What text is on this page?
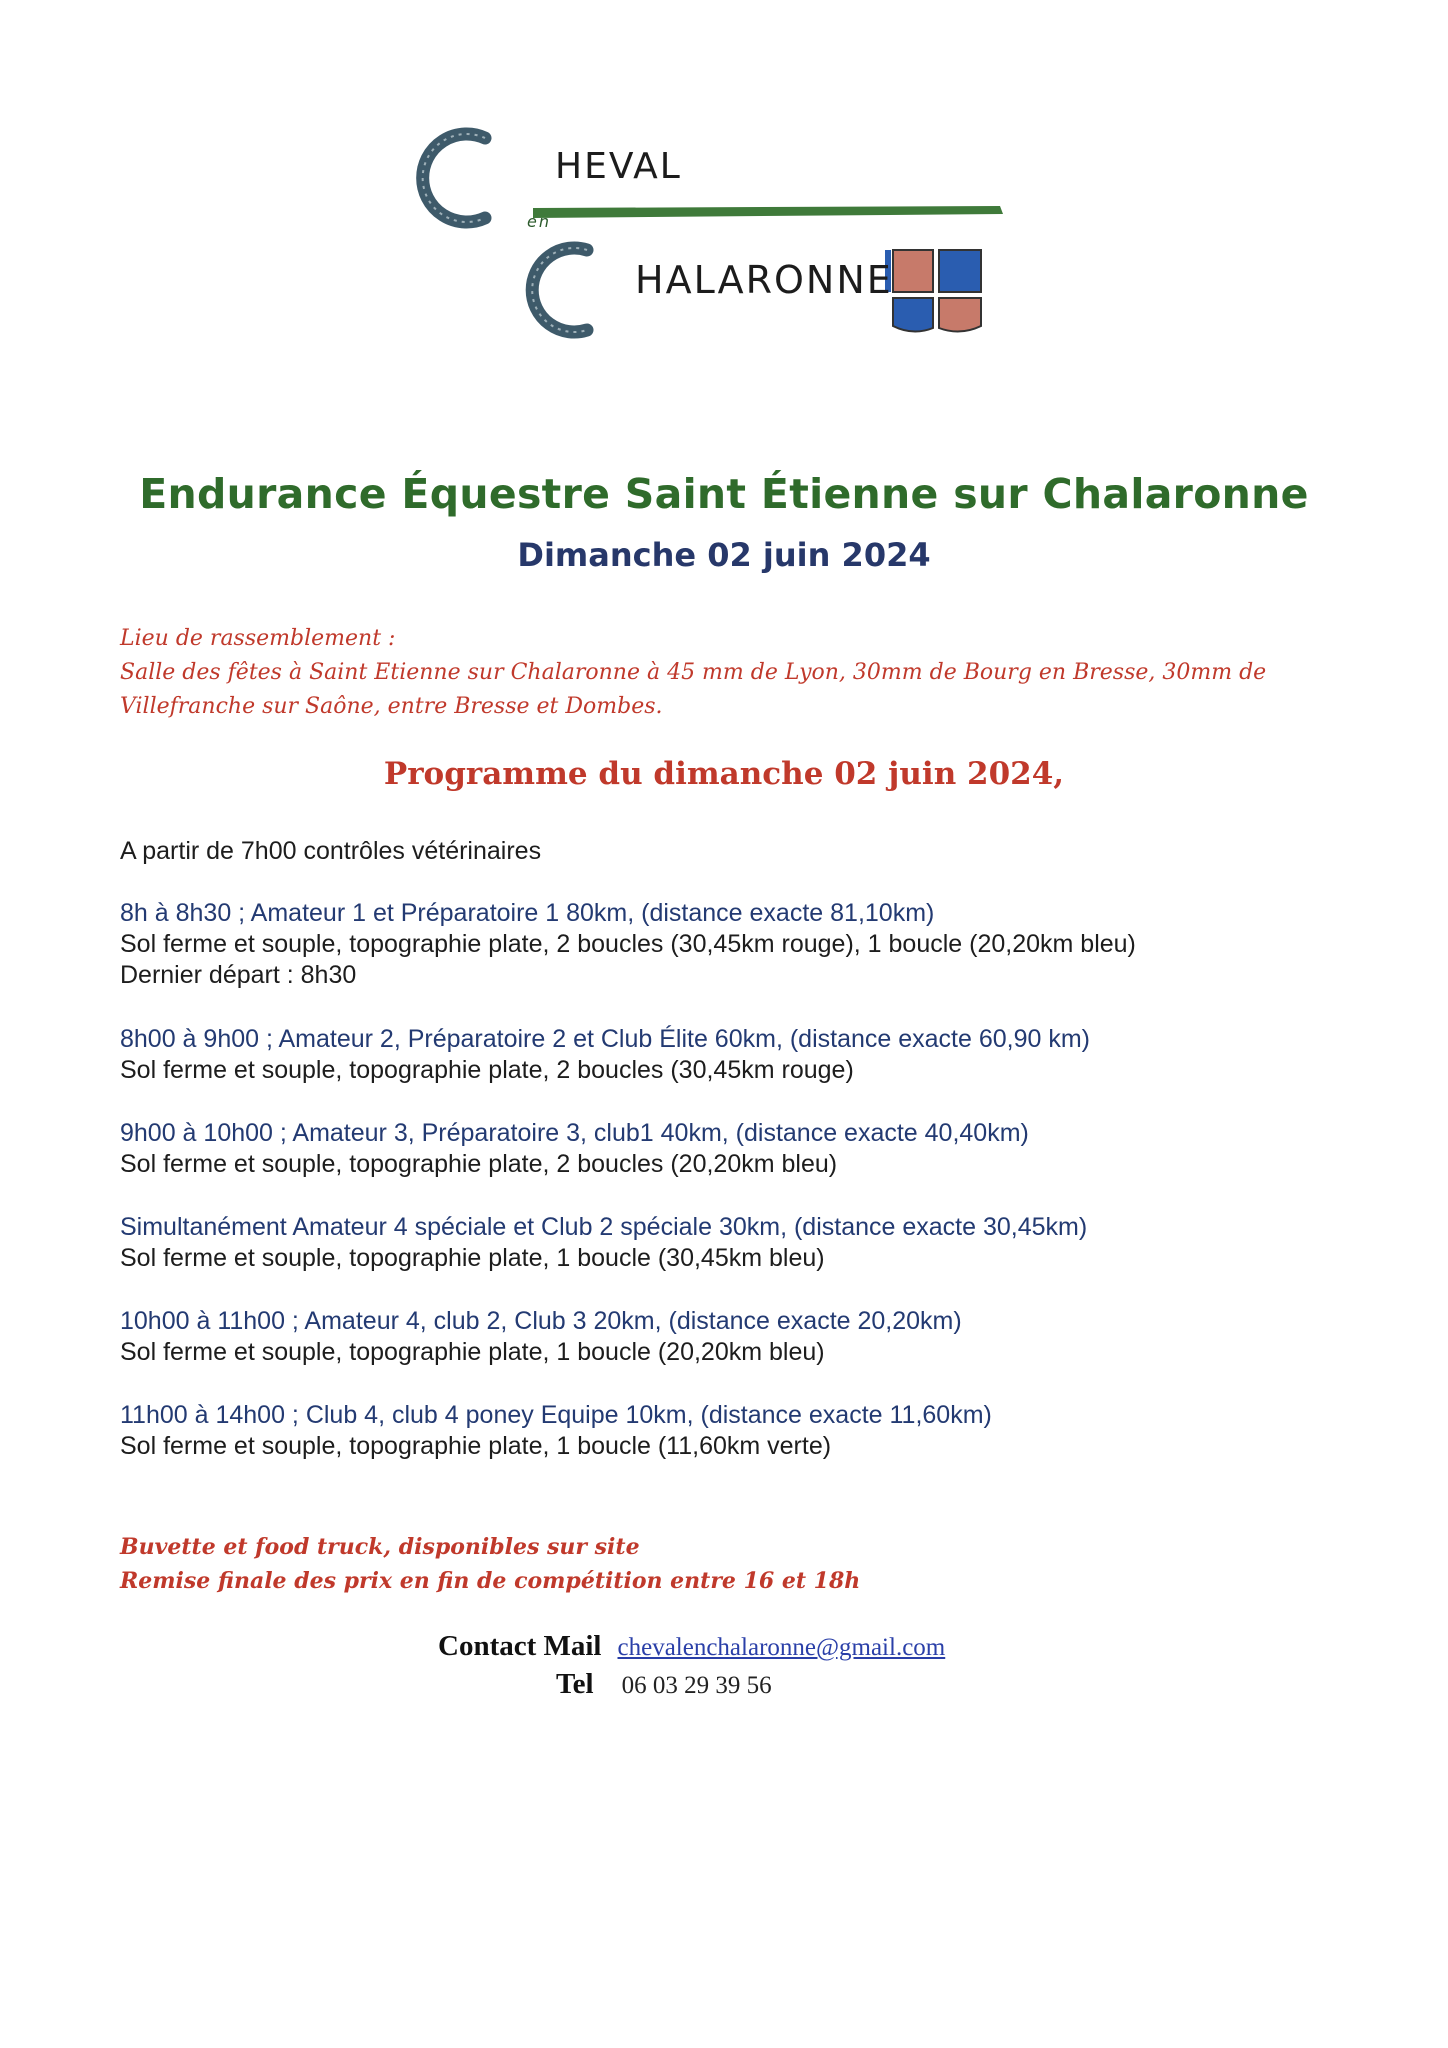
HEVAL
en
HALARONNE
Endurance Équestre Saint Étienne sur Chalaronne
Dimanche 02 juin 2024
Lieu de rassemblement :
Salle des fêtes à Saint Etienne sur Chalaronne à 45 mm de Lyon, 30mm de Bourg en Bresse, 30mm de
Villefranche sur Saône, entre Bresse et Dombes.
Programme du dimanche 02 juin 2024,
A partir de 7h00 contrôles vétérinaires
8h à 8h30 ; Amateur 1 et Préparatoire 1 80km, (distance exacte 81,10km)
Sol ferme et souple, topographie plate, 2 boucles (30,45km rouge), 1 boucle (20,20km bleu)
Dernier départ : 8h30
8h00 à 9h00 ; Amateur 2, Préparatoire 2 et Club Élite 60km, (distance exacte 60,90 km)
Sol ferme et souple, topographie plate, 2 boucles (30,45km rouge)
9h00 à 10h00 ; Amateur 3, Préparatoire 3, club1 40km, (distance exacte 40,40km)
Sol ferme et souple, topographie plate, 2 boucles (20,20km bleu)
Simultanément Amateur 4 spéciale et Club 2 spéciale 30km, (distance exacte 30,45km)
Sol ferme et souple, topographie plate, 1 boucle (30,45km bleu)
10h00 à 11h00 ; Amateur 4, club 2, Club 3 20km, (distance exacte 20,20km)
Sol ferme et souple, topographie plate, 1 boucle (20,20km bleu)
11h00 à 14h00 ; Club 4, club 4 poney Equipe 10km, (distance exacte 11,60km)
Sol ferme et souple, topographie plate, 1 boucle (11,60km verte)
Buvette et food truck, disponibles sur site
Remise finale des prix en fin de compétition entre 16 et 18h
Contact Mail chevalenchalaronne@gmail.com
Tel 06 03 29 39 56
